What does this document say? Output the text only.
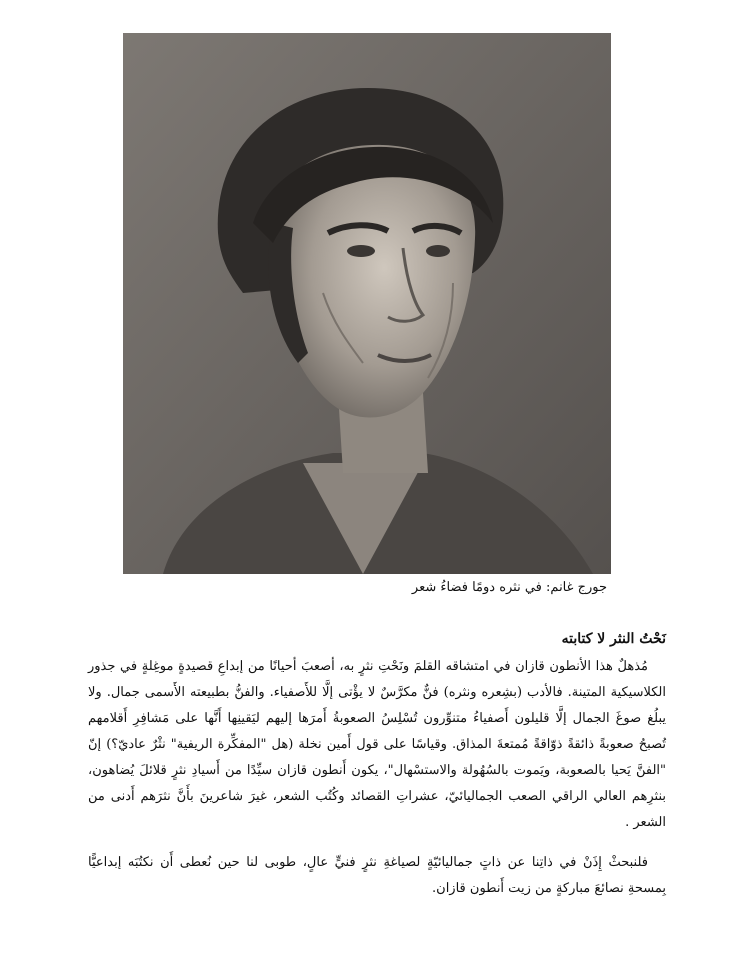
جورج غانم: في نثره دومًا فضاءُ شعر

نَحْتُ النثر لا كتابته

مُذهلٌ هذا الأنطون قازان في امتشاقه القلمَ ونَحْتِ نثرٍ به، أصعبَ أحيانًا من إبداعِ قصيدةٍ موغِلةٍ في جذور الكلاسيكية المتينة. فالأدب (بشِعره ونثره) فنٌّ مكرَّسٌ لا يؤْتى إلَّا للأَصفياء. والفنُّ بطبيعته الأَسمى جمال. ولا يبلُغ صوغَ الجمال إلَّا قليلون أَصفياءُ متنوِّرون تُسْلِسُ الصعوبةُ أَمرَها إليهم ليَقينِها أَنَّها على مَشافِرِ أَقلامهم تُصبحُ صعوبةً ذائقةً ذوّاقةً مُمتعةَ المذاق. وقياسًا على قول أَمين نخلة (هل "المفكِّرة الريفية" نثْرٌ عاديّ؟) إنّ "الفنَّ يَحيا بالصعوبة، ويَموت بالسُهُولة والاستسْهال"، يكون أَنطون قازان سيِّدًا من أَسيادِ نثرٍ قلائلَ يُضاهون، بنثرِهم العالي الراقي الصعب الجماليائيّ، عشراتِ القصائد وكُتُب الشعر، غيرَ شاعرينَ بأَنَّ نثرَهم أَدنى من الشعر .

فلنبحثْ إِذَنْ في ذاتِنا عن ذاتٍ جماليائيّةٍ لصياغةِ نثرٍ فنيٍّ عالٍ، طوبى لنا حين نُعطى أَن نكتُبَه إبداعيًّا بِمسحةِ نصائعَ مباركةٍ من زيت أَنطون قازان.
